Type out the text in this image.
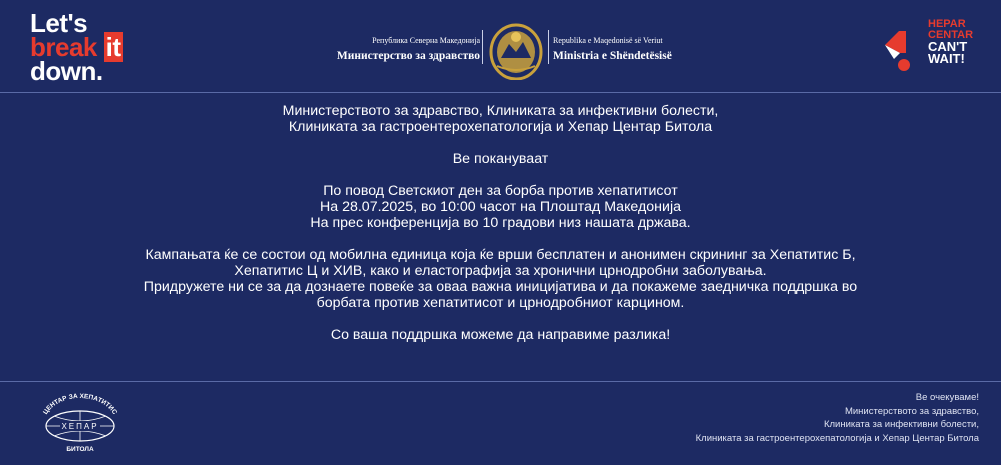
Let's
break it
down.
Република Северна Македонија
Министерство за здравство
Republika e Maqedonisë së Veriut
Ministria e Shëndetësisë
HEPAR
CENTAR
CAN'T
WAIT!
Министерството за здравство, Клиниката за инфективни болести,
Клиниката за гастроентерохепатологија и Хепар Центар Битола
Ве покануваат
По повод Светскиот ден за борба против хепатитисот
На 28.07.2025, во 10:00 часот на Плоштад Македонија
На прес конференција во 10 градови низ нашата држава.
Кампањата ќе се состои од мобилна единица која ќе врши бесплатен и анонимен скрининг за Хепатитис Б,
Хепатитис Ц и ХИВ, како и еластографија за хронични црнодробни заболувања.
Придружете ни се за да дознаете повеќе за оваа важна иницијатива и да покажеме заедничка поддршка во
борбата против хепатитисот и црнодробниот карцином.
Со ваша поддршка можеме да направиме разлика!
ЦЕНТАР ЗА ХЕПАТИТИС
ХЕПАР
БИТОЛА
Ве очекуваме!
Министерството за здравство,
Клиниката за инфективни болести,
Клиниката за гастроентерохепатологија и Хепар Центар Битола
